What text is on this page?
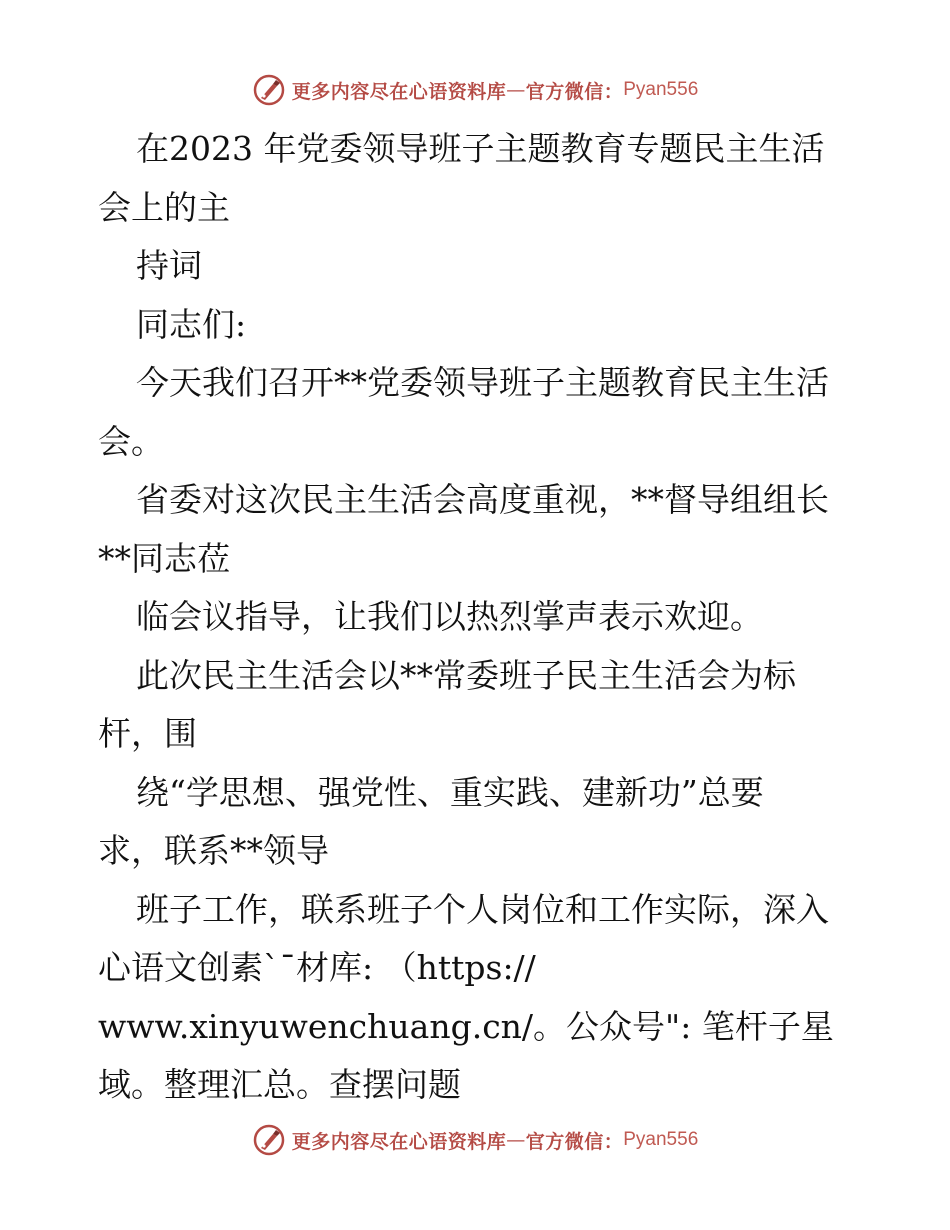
更多内容尽在心语资料库 — 官方微信： Pyan556
在2023 年党委领导班子主题教育专题民主生活
会上的主
持词
同志们:
今天我们召开**党委领导班子主题教育民主生活
会。
省委对这次民主生活会高度重视，**督导组组长
**同志莅
临会议指导，让我们以热烈掌声表示欢迎。
此次民主生活会以**常委班子民主生活会为标
杆，围
绕“学思想、强党性、重实践、建新功”总要
求，联系**领导
班子工作，联系班子个人岗位和工作实际，深入
心语文创素`¯材库: （https://
www.xinyuwenchuang.cn/。公众号": 笔杆子星
域。整理汇总。查摆问题
更多内容尽在心语资料库 — 官方微信： Pyan556
